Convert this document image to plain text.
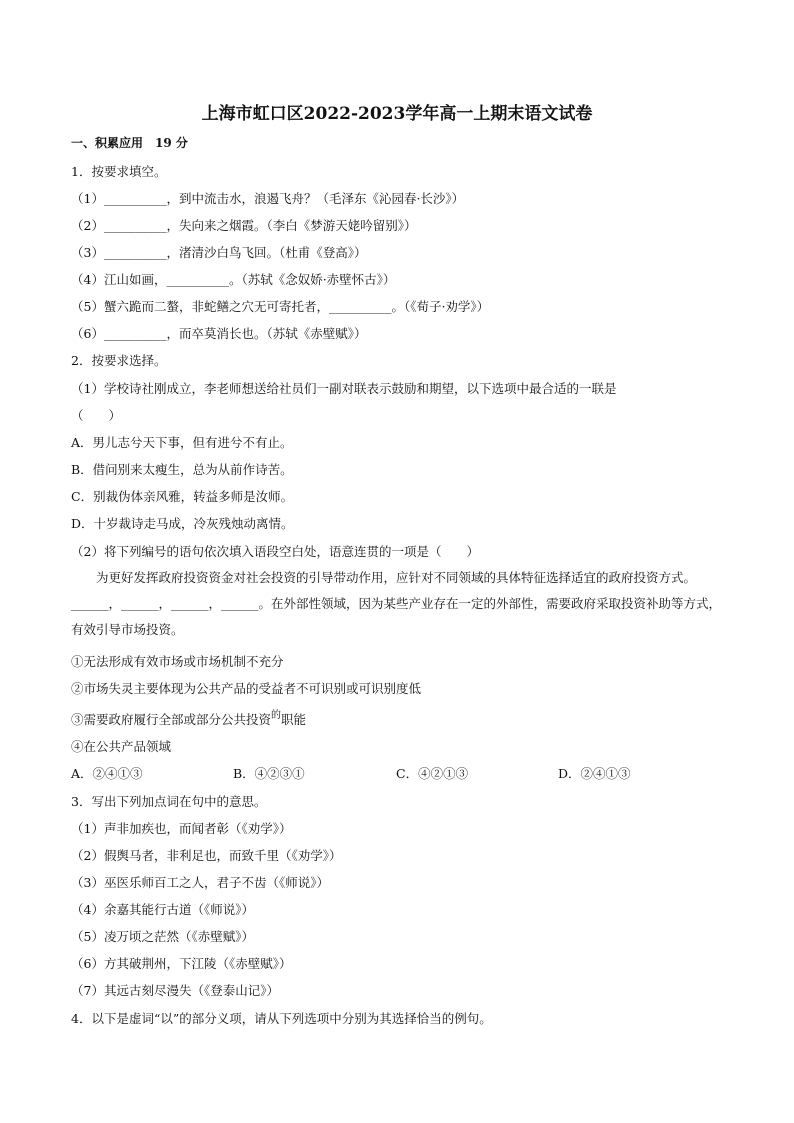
上海市虹口区2022-2023学年高一上期末语文试卷
一、积累应用　19 分
1．按要求填空。
（1）__________，到中流击水，浪遏飞舟？（毛泽东《沁园春·长沙》）
（2）__________，失向来之烟霞。（李白《梦游天姥吟留别》）
（3）__________，渚清沙白鸟飞回。（杜甫《登高》）
（4）江山如画，__________。（苏轼《念奴娇·赤壁怀古》）
（5）蟹六跪而二螯，非蛇鳝之穴无可寄托者，__________。（《荀子·劝学》）
（6）__________，而卒莫消长也。（苏轼《赤壁赋》）
2．按要求选择。
（1）学校诗社刚成立，李老师想送给社员们一副对联表示鼓励和期望，以下选项中最合适的一联是
（　　）
A．男儿志兮天下事，但有进兮不有止。
B．借问别来太瘦生，总为从前作诗苦。
C．别裁伪体亲风雅，转益多师是汝师。
D．十岁裁诗走马成，冷灰残烛动离情。
（2）将下列编号的语句依次填入语段空白处，语意连贯的一项是（　　）
为更好发挥政府投资资金对社会投资的引导带动作用，应针对不同领域的具体特征选择适宜的政府投资方式。______，______，______，______。在外部性领域，因为某些产业存在一定的外部性，需要政府采取投资补助等方式，有效引导市场投资。
①无法形成有效市场或市场机制不充分
②市场失灵主要体现为公共产品的受益者不可识别或可识别度低
③需要政府履行全部或部分公共投资$^的$职能
④在公共产品领域
A．②④①③	B．④②③①	C．④②①③	D．②④①③
3．写出下列加点词在句中的意思。
（1）声非加疾也，而闻者彰（《劝学》）
（2）假舆马者，非利足也，而致千里（《劝学》）
（3）巫医乐师百工之人，君子不齿（《师说》）
（4）余嘉其能行古道（《师说》）
（5）凌万顷之茫然（《赤壁赋》）
（6）方其破荆州，下江陵（《赤壁赋》）
（7）其远古刻尽漫失（《登泰山记》）
4．以下是虚词“以”的部分义项，请从下列选项中分别为其选择恰当的例句。
